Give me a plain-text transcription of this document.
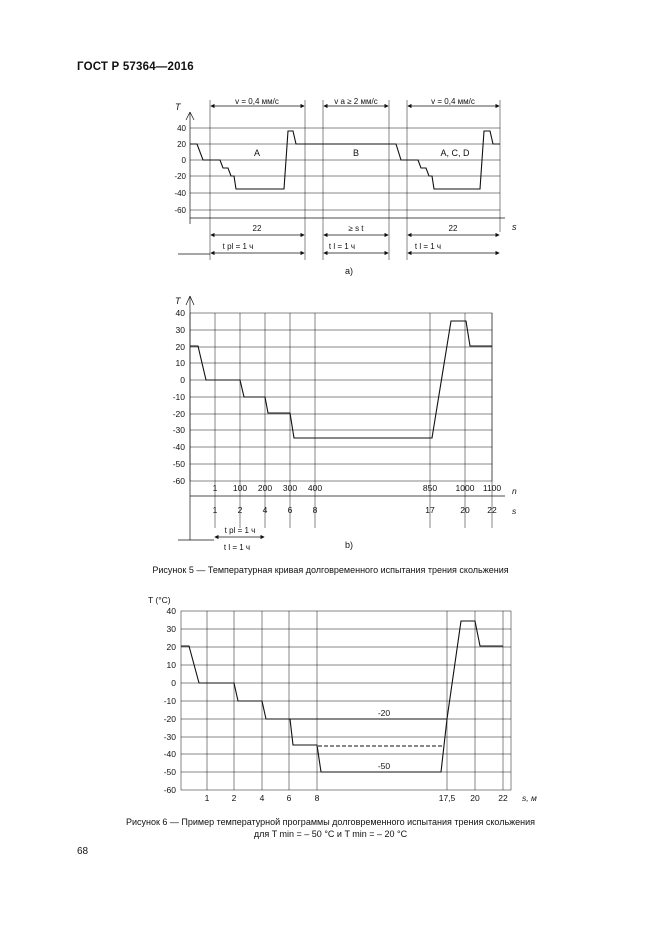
ГОСТ Р 57364—2016
T
40
20
0
-20
-40
-60
s
v = 0,4 мм/с	v a ≥ 2 мм/с	v = 0,4 мм/с
A	B	A, C, D
22	≥ s t	22
t pl = 1 ч	t l = 1 ч	t l = 1 ч
a)
T
40
30
20
10
0
-10
-20
-30
-40
-50
-60
1 100 200 300 400	850 1000 1100 n
1 2 4 6 8	17	20 22 s
t pl = 1 ч
t l = 1 ч	b)
T (°C)
40
30
20
10
0
-10
-20
-30
-40
-50
-60
1	2	4	6	8	17,5 20 22 s, м
-20
-50
Рисунок 5 — Температурная кривая долговременного испытания трения скольжения
Рисунок 6 — Пример температурной программы долговременного испытания трения скольжения
для T min = – 50 °C и T min = – 20 °C
68
